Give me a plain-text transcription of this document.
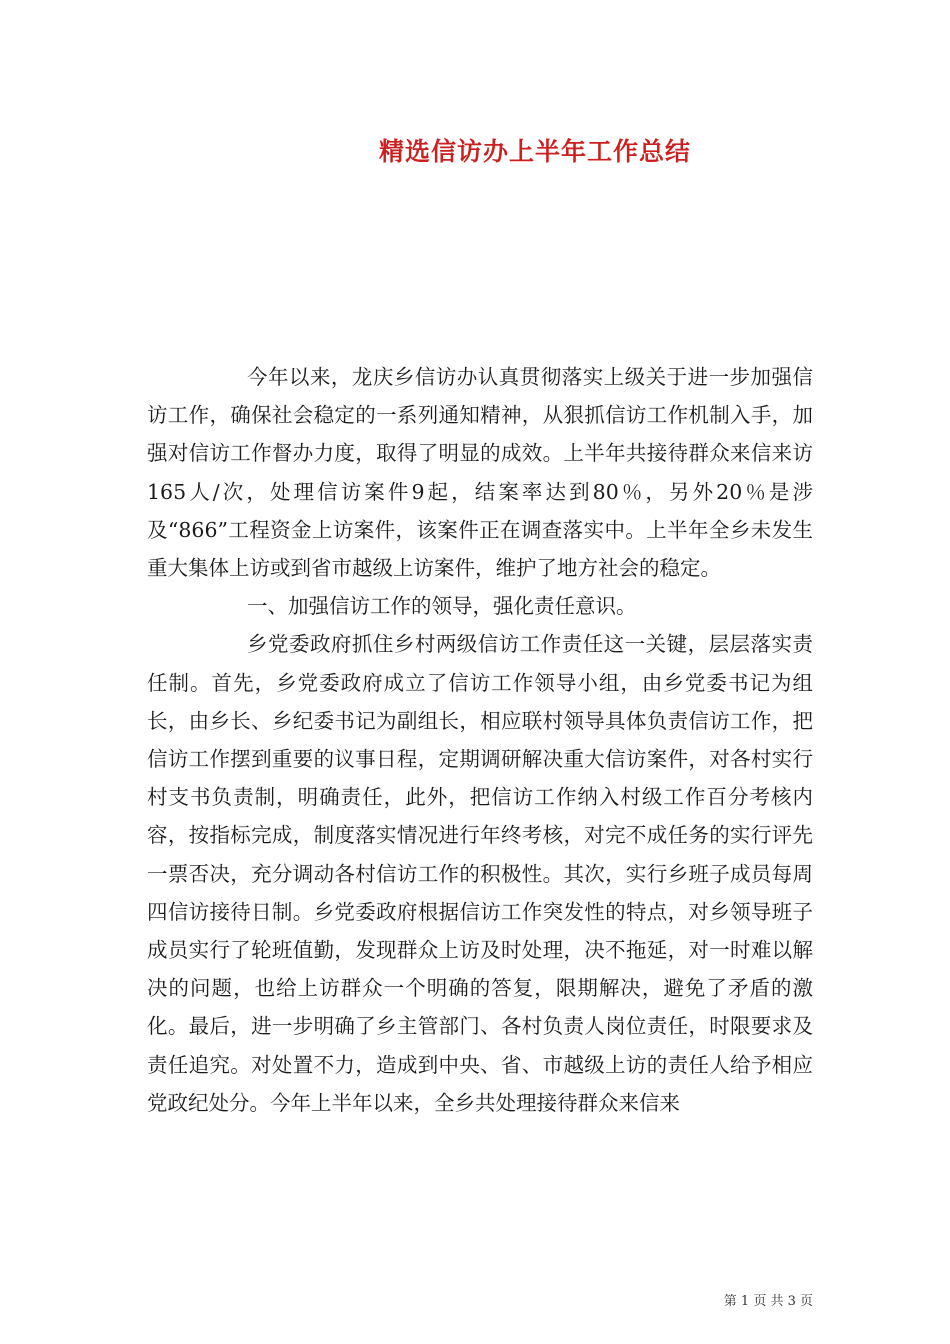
精选信访办上半年工作总结

今年以来，龙庆乡信访办认真贯彻落实上级关于进一步加强信访工作，确保社会稳定的一系列通知精神，从狠抓信访工作机制入手，加强对信访工作督办力度，取得了明显的成效。上半年共接待群众来信来访165人/次，处理信访案件9起，结案率达到80％，另外20％是涉及“866”工程资金上访案件，该案件正在调查落实中。上半年全乡未发生重大集体上访或到省市越级上访案件，维护了地方社会的稳定。

一、加强信访工作的领导，强化责任意识。

乡党委政府抓住乡村两级信访工作责任这一关键，层层落实责任制。首先，乡党委政府成立了信访工作领导小组，由乡党委书记为组长，由乡长、乡纪委书记为副组长，相应联村领导具体负责信访工作，把信访工作摆到重要的议事日程，定期调研解决重大信访案件，对各村实行村支书负责制，明确责任，此外，把信访工作纳入村级工作百分考核内容，按指标完成，制度落实情况进行年终考核，对完不成任务的实行评先一票否决，充分调动各村信访工作的积极性。其次，实行乡班子成员每周四信访接待日制。乡党委政府根据信访工作突发性的特点，对乡领导班子成员实行了轮班值勤，发现群众上访及时处理，决不拖延，对一时难以解决的问题，也给上访群众一个明确的答复，限期解决，避免了矛盾的激化。最后，进一步明确了乡主管部门、各村负责人岗位责任，时限要求及责任追究。对处置不力，造成到中央、省、市越级上访的责任人给予相应党政纪处分。今年上半年以来，全乡共处理接待群众来信来

第 1 页 共 3 页
